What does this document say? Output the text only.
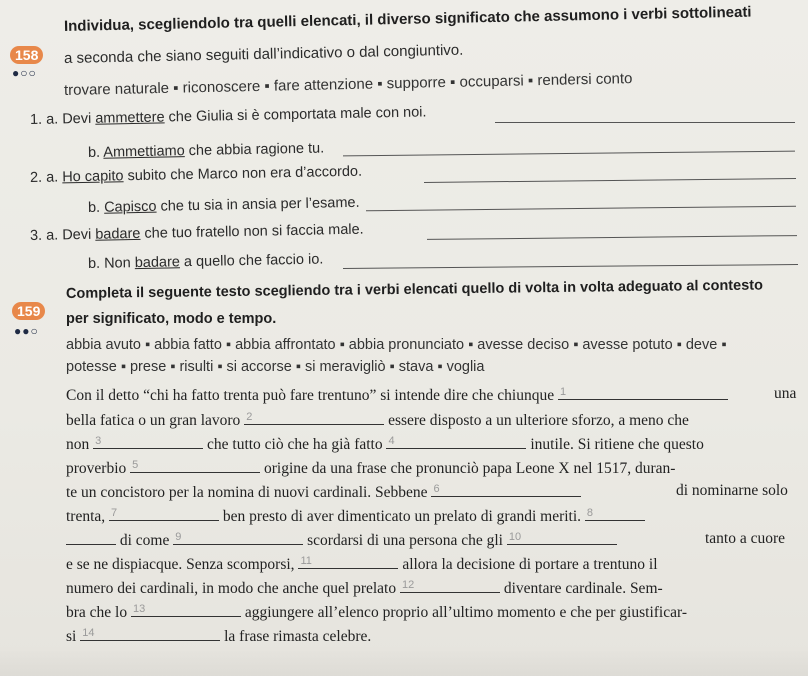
158
●○○
Individua, scegliendolo tra quelli elencati, il diverso significato che assumono i verbi sottolineati
a seconda che siano seguiti dall’indicativo o dal congiuntivo.
trovare naturale ▪ riconoscere ▪ fare attenzione ▪ supporre ▪ occuparsi ▪ rendersi conto
1. a. Devi ammettere che Giulia si è comportata male con noi.
b. Ammettiamo che abbia ragione tu.
2. a. Ho capito subito che Marco non era d’accordo.
b. Capisco che tu sia in ansia per l’esame.
3. a. Devi badare che tuo fratello non si faccia male.
b. Non badare a quello che faccio io.
159
●●○
Completa il seguente testo scegliendo tra i verbi elencati quello di volta in volta adeguato al contesto
per significato, modo e tempo.
abbia avuto ▪ abbia fatto ▪ abbia affrontato ▪ abbia pronunciato ▪ avesse deciso ▪ avesse potuto ▪ deve ▪
potesse ▪ prese ▪ risulti ▪ si accorse ▪ si meravigliò ▪ stava ▪ voglia
Con il detto “chi ha fatto trenta può fare trentuno” si intende dire che chiunque 1	una
bella fatica o un gran lavoro 2	essere disposto a un ulteriore sforzo, a meno che
non 3	che tutto ciò che ha già fatto 4	inutile. Si ritiene che questo
proverbio 5	origine da una frase che pronunciò papa Leone X nel 1517, duran-
te un concistoro per la nomina di nuovi cardinali. Sebbene 6	di nominarne solo
trenta, 7	ben presto di aver dimenticato un prelato di grandi meriti. 8
di come 9	scordarsi di una persona che gli 10	tanto a cuore
e se ne dispiacque. Senza scomporsi, 11	allora la decisione di portare a trentuno il
numero dei cardinali, in modo che anche quel prelato 12	diventare cardinale. Sem-
bra che lo 13	aggiungere all’elenco proprio all’ultimo momento e che per giustificar-
si 14	la frase rimasta celebre.
